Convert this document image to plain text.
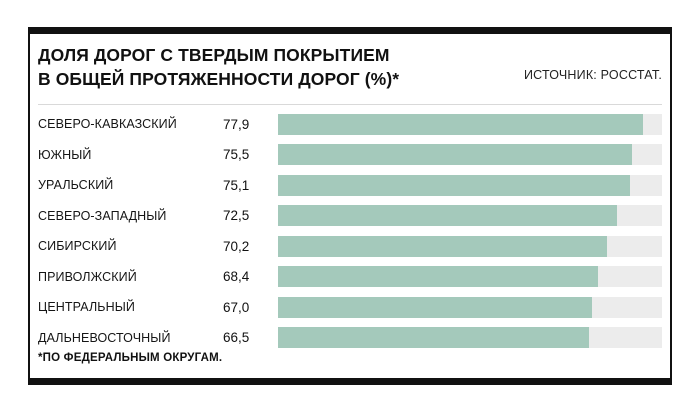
ДОЛЯ ДОРОГ С ТВЕРДЫМ ПОКРЫТИЕМ
В ОБЩЕЙ ПРОТЯЖЕННОСТИ ДОРОГ (%)*	ИСТОЧНИК: РОССТАТ.
СЕВЕРО-КАВКАЗСКИЙ	77,9
ЮЖНЫЙ	75,5
УРАЛЬСКИЙ	75,1
СЕВЕРО-ЗАПАДНЫЙ	72,5
СИБИРСКИЙ	70,2
ПРИВОЛЖСКИЙ	68,4
ЦЕНТРАЛЬНЫЙ	67,0
ДАЛЬНЕВОСТОЧНЫЙ	66,5
*ПО ФЕДЕРАЛЬНЫМ ОКРУГАМ.
